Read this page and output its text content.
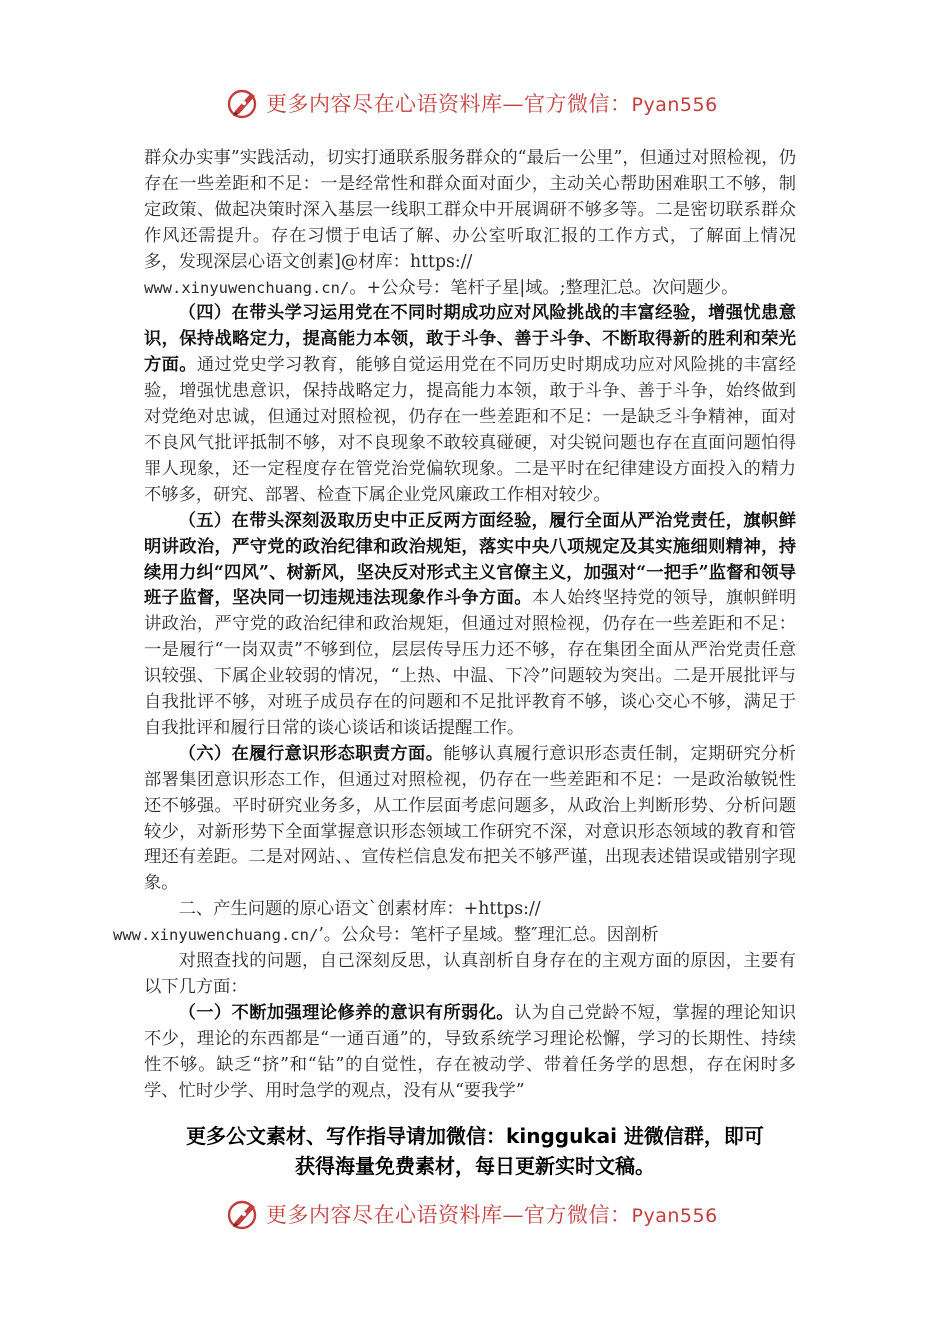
更多内容尽在心语资料库—官方微信：Pyan556

群众办实事”实践活动，切实打通联系服务群众的“最后一公里”，但通过对照检视，仍存在一些差距和不足：一是经常性和群众面对面少，主动关心帮助困难职工不够，制定政策、做起决策时深入基层一线职工群众中开展调研不够多等。二是密切联系群众作风还需提升。存在习惯于电话了解、办公室听取汇报的工作方式，了解面上情况多，发现深层心语文创素]@材库：https://
www.xinyuwenchuang.cn/。+公众号：笔杆子星|域。;整理汇总。次问题少。

（四）在带头学习运用党在不同时期成功应对风险挑战的丰富经验，增强忧患意识，保持战略定力，提高能力本领，敢于斗争、善于斗争、不断取得新的胜利和荣光方面。通过党史学习教育，能够自觉运用党在不同历史时期成功应对风险挑的丰富经验，增强忧患意识，保持战略定力，提高能力本领，敢于斗争、善于斗争，始终做到对党绝对忠诚，但通过对照检视，仍存在一些差距和不足：一是缺乏斗争精神，面对不良风气批评抵制不够，对不良现象不敢较真碰硬，对尖锐问题也存在直面问题怕得罪人现象，还一定程度存在管党治党偏软现象。二是平时在纪律建设方面投入的精力不够多，研究、部署、检查下属企业党风廉政工作相对较少。

（五）在带头深刻汲取历史中正反两方面经验，履行全面从严治党责任，旗帜鲜明讲政治，严守党的政治纪律和政治规矩，落实中央八项规定及其实施细则精神，持续用力纠“四风”、树新风，坚决反对形式主义官僚主义，加强对“一把手”监督和领导班子监督，坚决同一切违规违法现象作斗争方面。本人始终坚持党的领导，旗帜鲜明讲政治，严守党的政治纪律和政治规矩，但通过对照检视，仍存在一些差距和不足：一是履行“一岗双责”不够到位，层层传导压力还不够，存在集团全面从严治党责任意识较强、下属企业较弱的情况，“上热、中温、下冷”问题较为突出。二是开展批评与自我批评不够，对班子成员存在的问题和不足批评教育不够，谈心交心不够，满足于自我批评和履行日常的谈心谈话和谈话提醒工作。

（六）在履行意识形态职责方面。能够认真履行意识形态责任制，定期研究分析部署集团意识形态工作，但通过对照检视，仍存在一些差距和不足：一是政治敏锐性还不够强。平时研究业务多，从工作层面考虑问题多，从政治上判断形势、分析问题较少，对新形势下全面掌握意识形态领域工作研究不深，对意识形态领域的教育和管理还有差距。二是对网站、、宣传栏信息发布把关不够严谨，出现表述错误或错别字现象。

二、产生问题的原心语文`创素材库：+https://
www.xinyuwenchuang.cn/’。公众号：笔杆子星域。整″理汇总。因剖析

对照查找的问题，自己深刻反思，认真剖析自身存在的主观方面的原因，主要有以下几方面：

（一）不断加强理论修养的意识有所弱化。认为自己党龄不短，掌握的理论知识不少，理论的东西都是“一通百通”的，导致系统学习理论松懈，学习的长期性、持续性不够。缺乏“挤”和“钻”的自觉性，存在被动学、带着任务学的思想，存在闲时多学、忙时少学、用时急学的观点，没有从“要我学”

更多公文素材、写作指导请加微信：kinggukai 进微信群，即可
获得海量免费素材，每日更新实时文稿。
更多内容尽在心语资料库—官方微信：Pyan556
